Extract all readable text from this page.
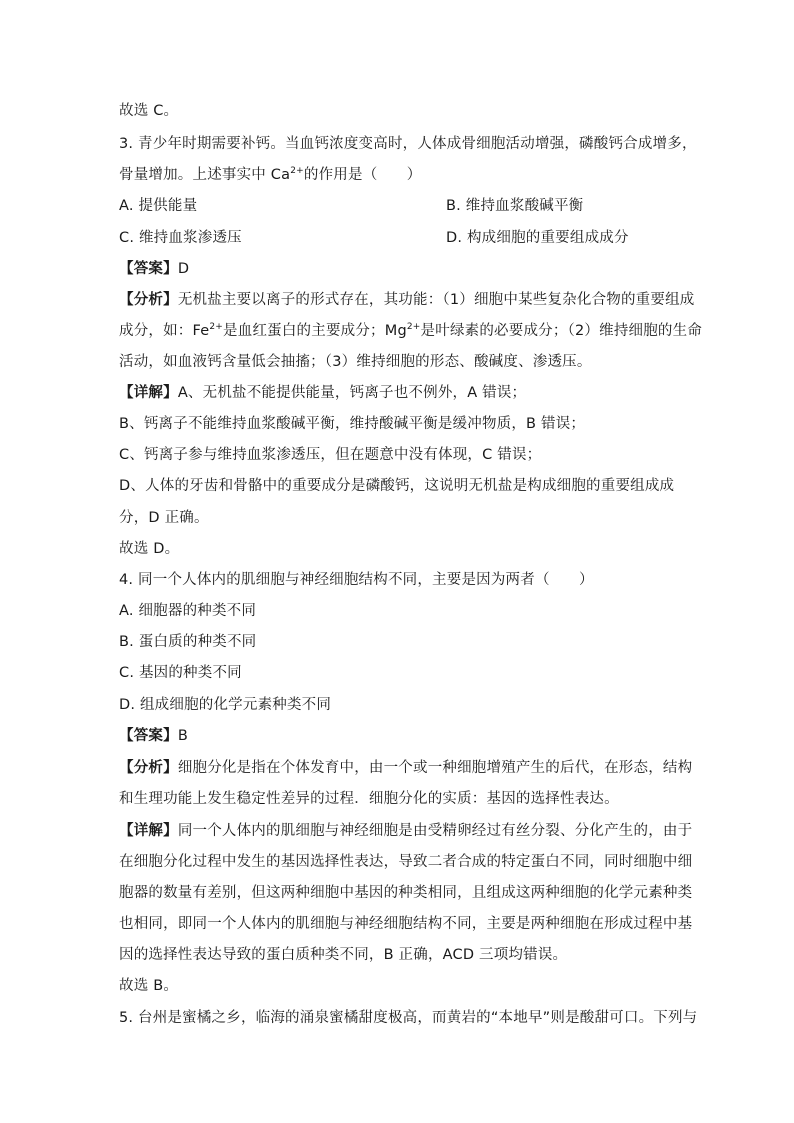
故选 C。
3. 青少年时期需要补钙。当血钙浓度变高时，人体成骨细胞活动增强，磷酸钙合成增多，
骨量增加。上述事实中 $Ca^{2+}$的作用是（　　）
A. 提供能量	B. 维持血浆酸碱平衡
C. 维持血浆渗透压	D. 构成细胞的重要组成成分
【答案】D
【分析】无机盐主要以离子的形式存在，其功能：（1）细胞中某些复杂化合物的重要组成
成分，如：$Fe^{2+}$是血红蛋白的主要成分；$Mg^{2+}$是叶绿素的必要成分；（2）维持细胞的生命
活动，如血液钙含量低会抽搐；（3）维持细胞的形态、酸碱度、渗透压。
【详解】A、无机盐不能提供能量，钙离子也不例外，A 错误；
B、钙离子不能维持血浆酸碱平衡，维持酸碱平衡是缓冲物质，B 错误；
C、钙离子参与维持血浆渗透压，但在题意中没有体现，C 错误；
D、人体的牙齿和骨骼中的重要成分是磷酸钙，这说明无机盐是构成细胞的重要组成成
分，D 正确。
故选 D。
4. 同一个人体内的肌细胞与神经细胞结构不同，主要是因为两者（　　）
A. 细胞器的种类不同
B. 蛋白质的种类不同
C. 基因的种类不同
D. 组成细胞的化学元素种类不同
【答案】B
【分析】细胞分化是指在个体发育中，由一个或一种细胞增殖产生的后代，在形态，结构
和生理功能上发生稳定性差异的过程．细胞分化的实质：基因的选择性表达。
【详解】同一个人体内的肌细胞与神经细胞是由受精卵经过有丝分裂、分化产生的，由于
在细胞分化过程中发生的基因选择性表达，导致二者合成的特定蛋白不同，同时细胞中细
胞器的数量有差别，但这两种细胞中基因的种类相同，且组成这两种细胞的化学元素种类
也相同，即同一个人体内的肌细胞与神经细胞结构不同，主要是两种细胞在形成过程中基
因的选择性表达导致的蛋白质种类不同，B 正确，ACD 三项均错误。
故选 B。
5. 台州是蜜橘之乡，临海的涌泉蜜橘甜度极高，而黄岩的“本地早”则是酸甜可口。下列与
